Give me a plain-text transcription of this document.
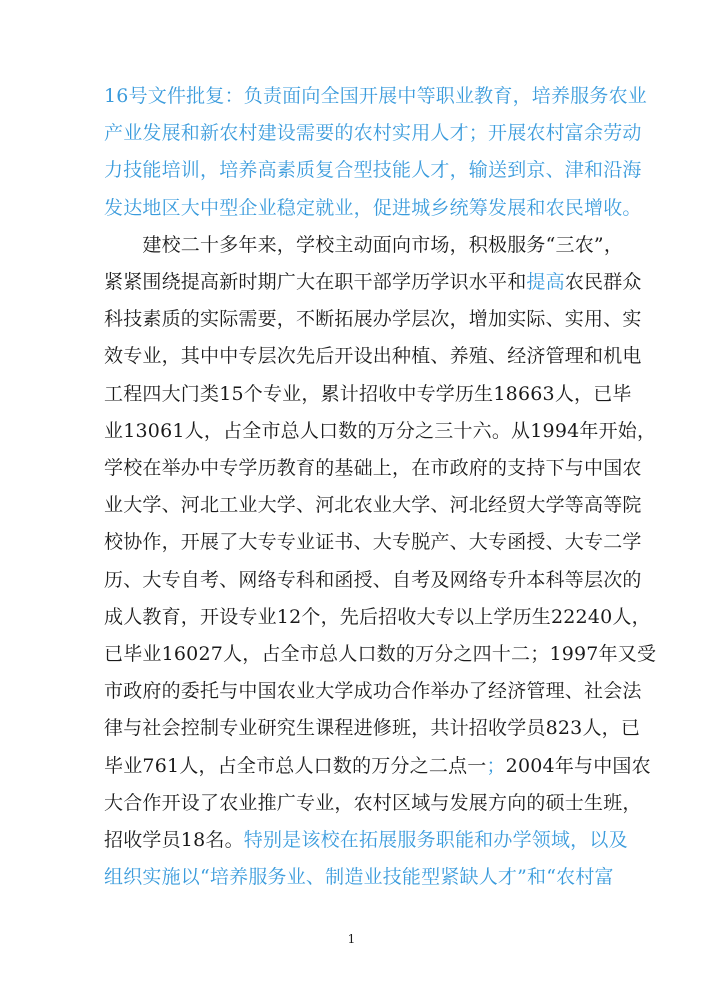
16号文件批复：负责面向全国开展中等职业教育，培养服务农业
产业发展和新农村建设需要的农村实用人才；开展农村富余劳动
力技能培训，培养高素质复合型技能人才，输送到京、津和沿海
发达地区大中型企业稳定就业，促进城乡统筹发展和农民增收。
　　建校二十多年来，学校主动面向市场，积极服务“三农”，
紧紧围绕提高新时期广大在职干部学历学识水平和提高农民群众
科技素质的实际需要，不断拓展办学层次，增加实际、实用、实
效专业，其中中专层次先后开设出种植、养殖、经济管理和机电
工程四大门类15个专业，累计招收中专学历生18663人，已毕
业13061人，占全市总人口数的万分之三十六。从1994年开始，
学校在举办中专学历教育的基础上，在市政府的支持下与中国农
业大学、河北工业大学、河北农业大学、河北经贸大学等高等院
校协作，开展了大专专业证书、大专脱产、大专函授、大专二学
历、大专自考、网络专科和函授、自考及网络专升本科等层次的
成人教育，开设专业12个，先后招收大专以上学历生22240人，
已毕业16027人，占全市总人口数的万分之四十二；1997年又受
市政府的委托与中国农业大学成功合作举办了经济管理、社会法
律与社会控制专业研究生课程进修班，共计招收学员823人，已
毕业761人，占全市总人口数的万分之二点一；2004年与中国农
大合作开设了农业推广专业，农村区域与发展方向的硕士生班，
招收学员18名。特别是该校在拓展服务职能和办学领域，以及
组织实施以“培养服务业、制造业技能型紧缺人才”和“农村富
1
